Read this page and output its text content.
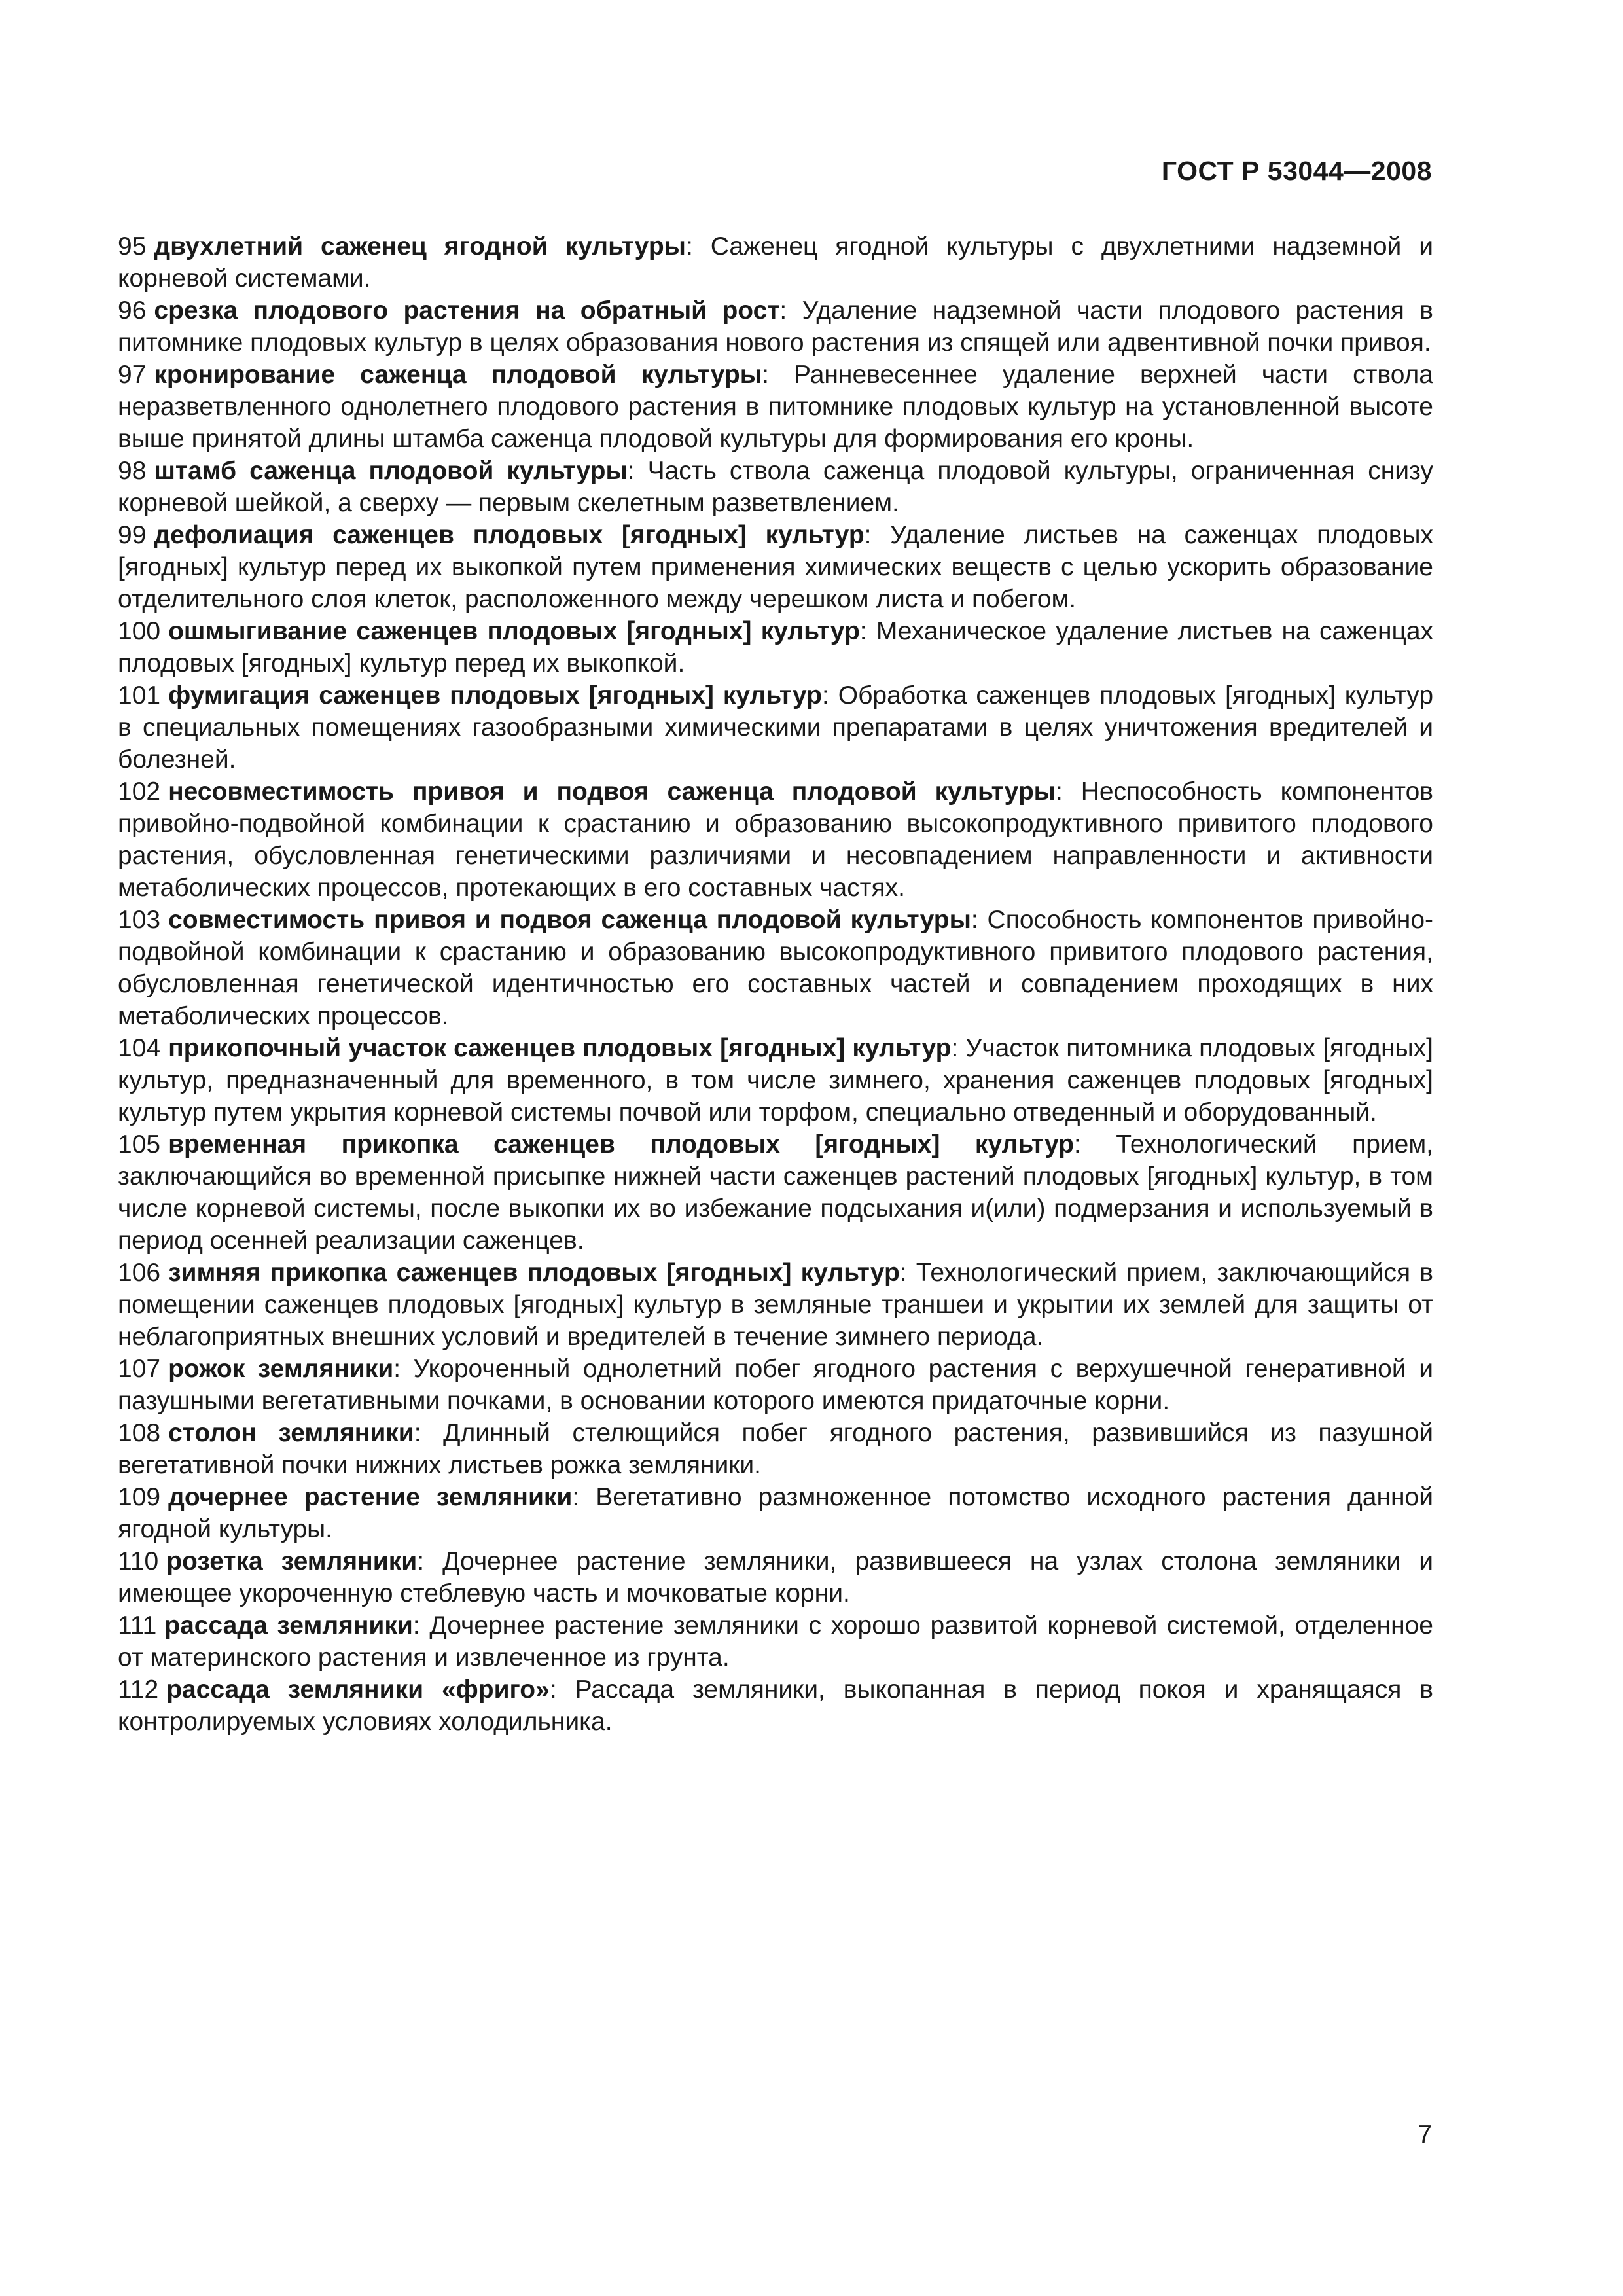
ГОСТ Р 53044—2008

95 двухлетний саженец ягодной культуры: Саженец ягодной культуры с двухлетними надземной и корневой системами.

96 срезка плодового растения на обратный рост: Удаление надземной части плодового растения в питомнике плодовых культур в целях образования нового растения из спящей или адвентивной почки привоя.

97 кронирование саженца плодовой культуры: Ранневесеннее удаление верхней части ствола неразветвленного однолетнего плодового растения в питомнике плодовых культур на установленной высоте выше принятой длины штамба саженца плодовой культуры для формирования его кроны.

98 штамб саженца плодовой культуры: Часть ствола саженца плодовой культуры, ограниченная снизу корневой шейкой, а сверху — первым скелетным разветвлением.

99 дефолиация саженцев плодовых [ягодных] культур: Удаление листьев на саженцах плодовых [ягодных] культур перед их выкопкой путем применения химических веществ с целью ускорить образование отделительного слоя клеток, расположенного между черешком листа и побегом.

100 ошмыгивание саженцев плодовых [ягодных] культур: Механическое удаление листьев на саженцах плодовых [ягодных] культур перед их выкопкой.

101 фумигация саженцев плодовых [ягодных] культур: Обработка саженцев плодовых [ягодных] культур в специальных помещениях газообразными химическими препаратами в целях уничтожения вредителей и болезней.

102 несовместимость привоя и подвоя саженца плодовой культуры: Неспособность компонентов привойно-подвойной комбинации к срастанию и образованию высокопродуктивного привитого плодового растения, обусловленная генетическими различиями и несовпадением направленности и активности метаболических процессов, протекающих в его составных частях.

103 совместимость привоя и подвоя саженца плодовой культуры: Способность компонентов привойно-подвойной комбинации к срастанию и образованию высокопродуктивного привитого плодового растения, обусловленная генетической идентичностью его составных частей и совпадением проходящих в них метаболических процессов.

104 прикопочный участок саженцев плодовых [ягодных] культур: Участок питомника плодовых [ягодных] культур, предназначенный для временного, в том числе зимнего, хранения саженцев плодовых [ягодных] культур путем укрытия корневой системы почвой или торфом, специально отведенный и оборудованный.

105 временная прикопка саженцев плодовых [ягодных] культур: Технологический прием, заключающийся во временной присыпке нижней части саженцев растений плодовых [ягодных] культур, в том числе корневой системы, после выкопки их во избежание подсыхания и(или) подмерзания и используемый в период осенней реализации саженцев.

106 зимняя прикопка саженцев плодовых [ягодных] культур: Технологический прием, заключающийся в помещении саженцев плодовых [ягодных] культур в земляные траншеи и укрытии их землей для защиты от неблагоприятных внешних условий и вредителей в течение зимнего периода.

107 рожок земляники: Укороченный однолетний побег ягодного растения с верхушечной генеративной и пазушными вегетативными почками, в основании которого имеются придаточные корни.

108 столон земляники: Длинный стелющийся побег ягодного растения, развившийся из пазушной вегетативной почки нижних листьев рожка земляники.

109 дочернее растение земляники: Вегетативно размноженное потомство исходного растения данной ягодной культуры.

110 розетка земляники: Дочернее растение земляники, развившееся на узлах столона земляники и имеющее укороченную стеблевую часть и мочковатые корни.

111 рассада земляники: Дочернее растение земляники с хорошо развитой корневой системой, отделенное от материнского растения и извлеченное из грунта.

112 рассада земляники «фриго»: Рассада земляники, выкопанная в период покоя и хранящаяся в контролируемых условиях холодильника.

7
